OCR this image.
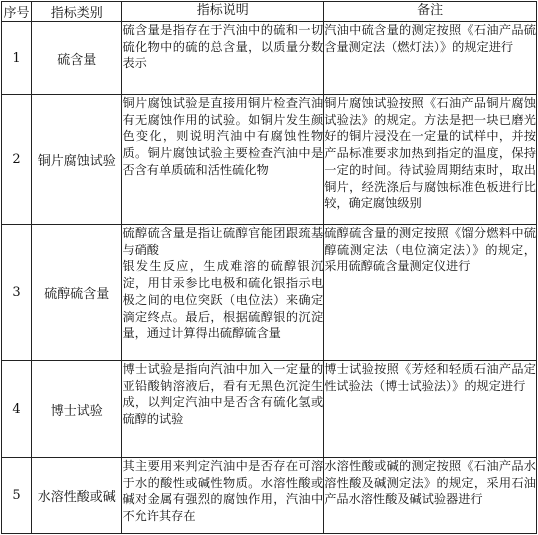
序号	指标类别	指标说明	备注
1	硫含量	硫含量是指存在于汽油中的硫和一切硫化物中的硫的总含量，以质量分数表示	汽油中硫含量的测定按照《石油产品硫含量测定法（燃灯法）》的规定进行
2	铜片腐蚀试验	铜片腐蚀试验是直接用铜片检查汽油有无腐蚀作用的试验。如铜片发生颜色变化，则说明汽油中有腐蚀性物质。铜片腐蚀试验主要检查汽油中是否含有单质硫和活性硫化物	铜片腐蚀试验按照《石油产品铜片腐蚀试验法》的规定。方法是把一块已磨光好的铜片浸没在一定量的试样中，并按产品标准要求加热到指定的温度，保持一定的时间。待试验周期结束时，取出铜片，经洗涤后与腐蚀标准色板进行比较，确定腐蚀级别
3	硫醇硫含量	硫醇硫含量是指让硫醇官能团跟巯基与硝酸
银发生反应，生成难溶的硫醇银沉淀，用甘汞参比电极和硫化银指示电极之间的电位突跃（电位法）来确定滴定终点。最后，根据硫醇银的沉淀量，通过计算得出硫醇硫含量	硫醇硫含量的测定按照《馏分燃料中硫醇硫测定法（电位滴定法）》的规定，采用硫醇硫含量测定仪进行
4	博士试验	博士试验是指向汽油中加入一定量的亚铅酸钠溶液后，看有无黑色沉淀生成，以判定汽油中是否含有硫化氢或硫醇的试验	博士试验按照《芳烃和轻质石油产品定性试验法（博士试验法）》的规定进行
5	水溶性酸或碱	其主要用来判定汽油中是否存在可溶于水的酸性或碱性物质。水溶性酸或碱对金属有强烈的腐蚀作用，汽油中不允许其存在	水溶性酸或碱的测定按照《石油产品水溶性酸及碱测定法》的规定，采用石油产品水溶性酸及碱试验器进行
